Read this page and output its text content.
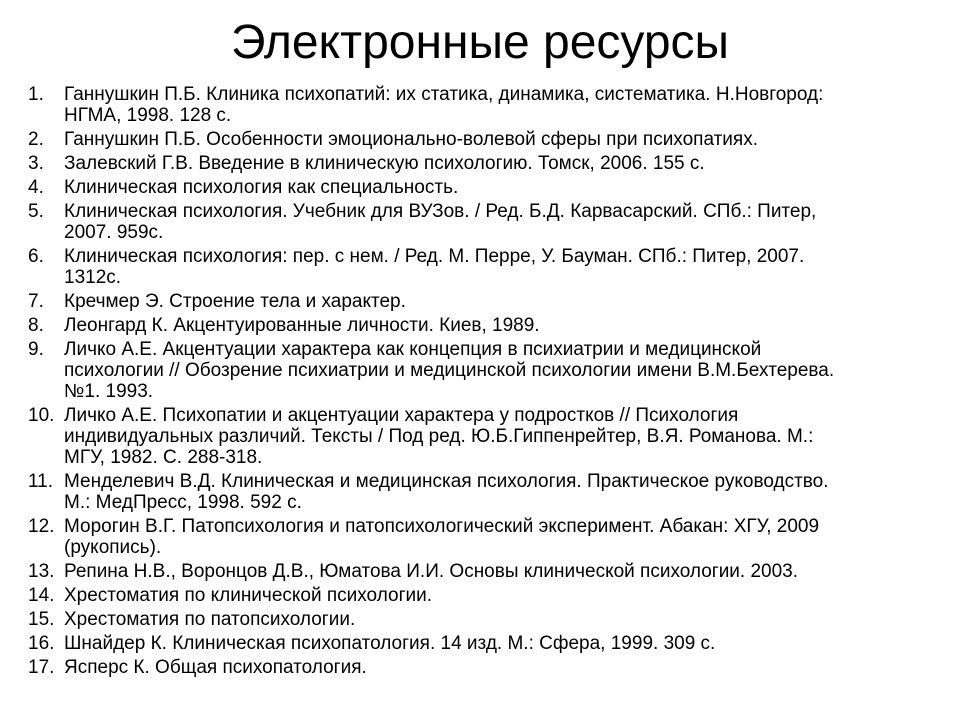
Электронные ресурсы
1.	Ганнушкин П.Б. Клиника психопатий: их статика, динамика, систематика. Н.Новгород:
НГМА, 1998. 128 с.
2.	Ганнушкин П.Б. Особенности эмоционально-волевой сферы при психопатиях.
3.	Залевский Г.В. Введение в клиническую психологию. Томск, 2006. 155 с.
4.	Клиническая психология как специальность.
5.	Клиническая психология. Учебник для ВУЗов. / Ред. Б.Д. Карвасарский. СПб.: Питер,
2007. 959с.
6.	Клиническая психология: пер. с нем. / Ред. М. Перре, У. Бауман. СПб.: Питер, 2007.
1312с.
7.	Кречмер Э. Строение тела и характер.
8.	Леонгард К. Акцентуированные личности. Киев, 1989.
9.	Личко А.Е. Акцентуации характера как концепция в психиатрии и медицинской
психологии // Обозрение психиатрии и медицинской психологии имени В.М.Бехтерева.
№1. 1993.
10. Личко А.Е. Психопатии и акцентуации характера у подростков // Психология
индивидуальных различий. Тексты / Под ред. Ю.Б.Гиппенрейтер, В.Я. Романова. М.:
МГУ, 1982. С. 288-318.
11. Менделевич В.Д. Клиническая и медицинская психология. Практическое руководство.
М.: МедПресс, 1998. 592 с.
12. Морогин В.Г. Патопсихология и патопсихологический эксперимент. Абакан: ХГУ, 2009
(рукопись).
13. Репина Н.В., Воронцов Д.В., Юматова И.И. Основы клинической психологии. 2003.
14. Хрестоматия по клинической психологии.
15. Хрестоматия по патопсихологии.
16. Шнайдер К. Клиническая психопатология. 14 изд. М.: Сфера, 1999. 309 с.
17. Ясперс К. Общая психопатология.
